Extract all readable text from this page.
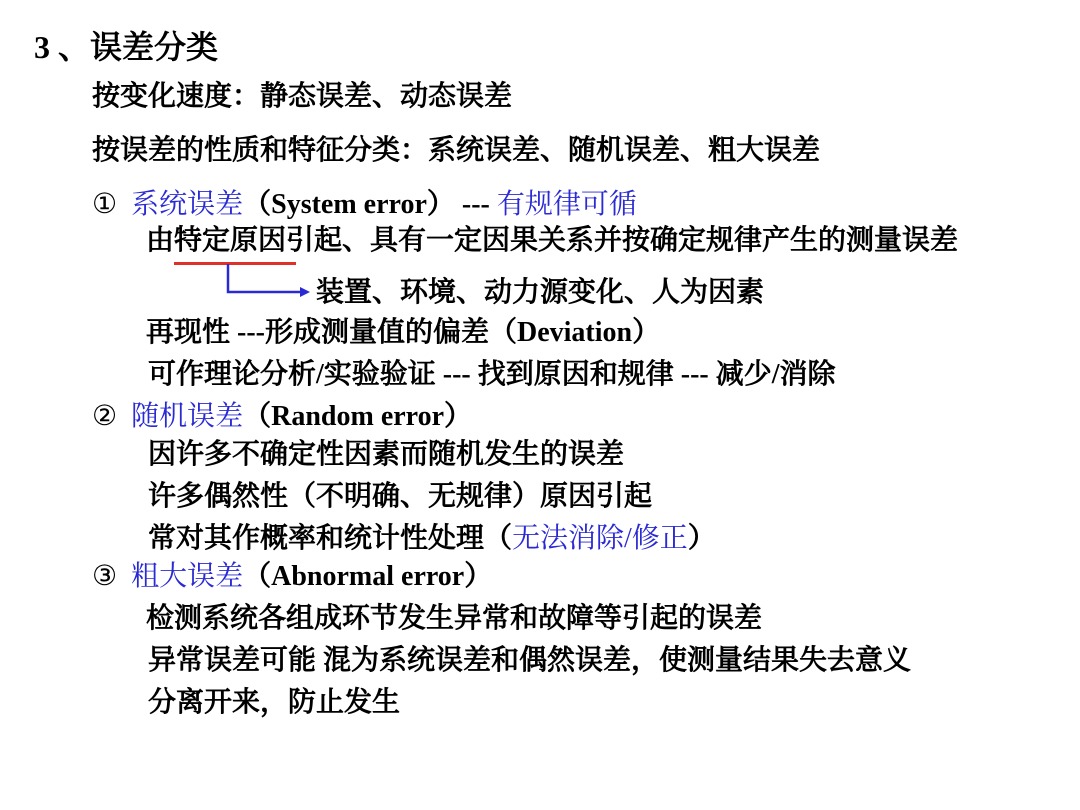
3 、误差分类
按变化速度：静态误差、动态误差
按误差的性质和特征分类：系统误差、随机误差、粗大误差
① 系统误差（System error） --- 有规律可循
由特定原因引起、具有一定因果关系并按确定规律产生的测量误差
装置、环境、动力源变化、人为因素
再现性 ---形成测量值的偏差（Deviation）
可作理论分析/实验验证 --- 找到原因和规律 --- 减少/消除
② 随机误差（Random error）
因许多不确定性因素而随机发生的误差
许多偶然性（不明确、无规律）原因引起
常对其作概率和统计性处理（无法消除/修正）
③ 粗大误差（Abnormal error）
检测系统各组成环节发生异常和故障等引起的误差
异常误差可能 混为系统误差和偶然误差，使测量结果失去意义
分离开来，防止发生
